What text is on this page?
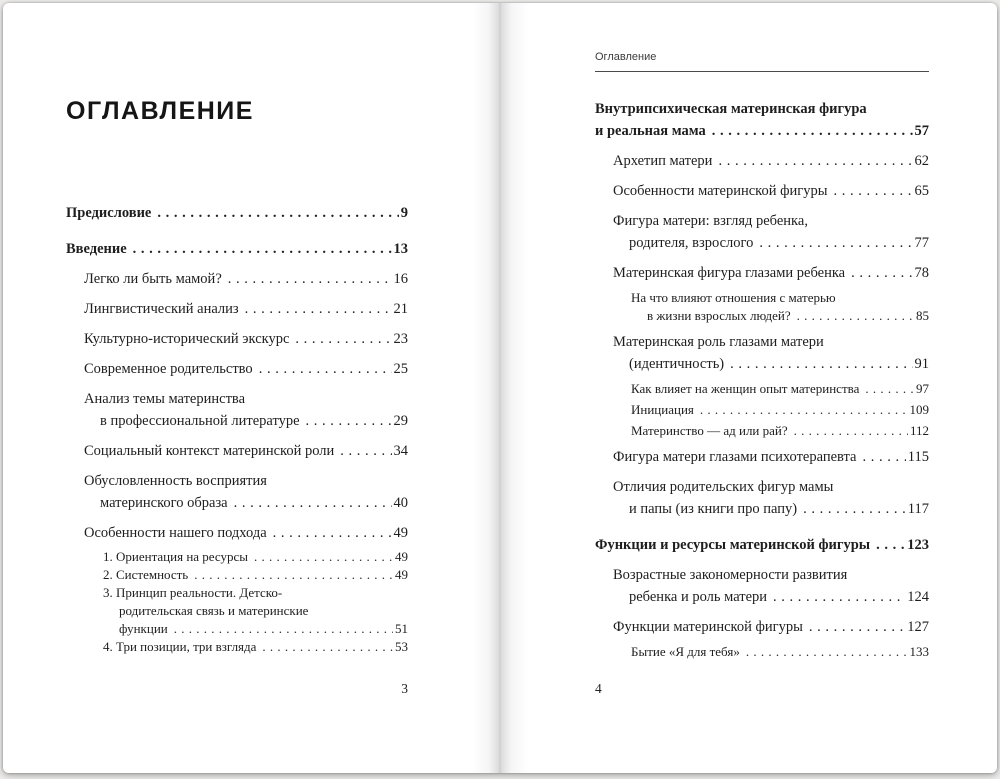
ОГЛАВЛЕНИЕ
Предисловие . . .	9
Введение . . .	13
Легко ли быть мамой? . . .	16
Лингвистический анализ . . .	21
Культурно-исторический экскурс . . .	23
Современное родительство . . .	25
Анализ темы материнства
в профессиональной литературе . . .	29
Социальный контекст материнской роли . . .	34
Обусловленность восприятия
материнского образа . . .	40
Особенности нашего подхода . . .	49
1. Ориентация на ресурсы . . .	49
2. Системность . . .	49
3. Принцип реальности. Детско-
родительская связь и материнские
функции . . .	51
4. Три позиции, три взгляда . . .	53
3
Оглавление
Внутрипсихическая материнская фигура
и реальная мама . . .	57
Архетип матери . . .	62
Особенности материнской фигуры . . .	65
Фигура матери: взгляд ребенка,
родителя, взрослого . . .	77
Материнская фигура глазами ребенка . . .	78
На что влияют отношения с матерью
в жизни взрослых людей? . . .	85
Материнская роль глазами матери
(идентичность) . . .	91
Как влияет на женщин опыт материнства . . .	97
Инициация . . .	109
Материнство — ад или рай? . . .	112
Фигура матери глазами психотерапевта . . .	115
Отличия родительских фигур мамы
и папы (из книги про папу) . . .	117
Функции и ресурсы материнской фигуры . . .	123
Возрастные закономерности развития
ребенка и роль матери . . .	124
Функции материнской фигуры . . .	127
Бытие «Я для тебя» . . .	133
4
